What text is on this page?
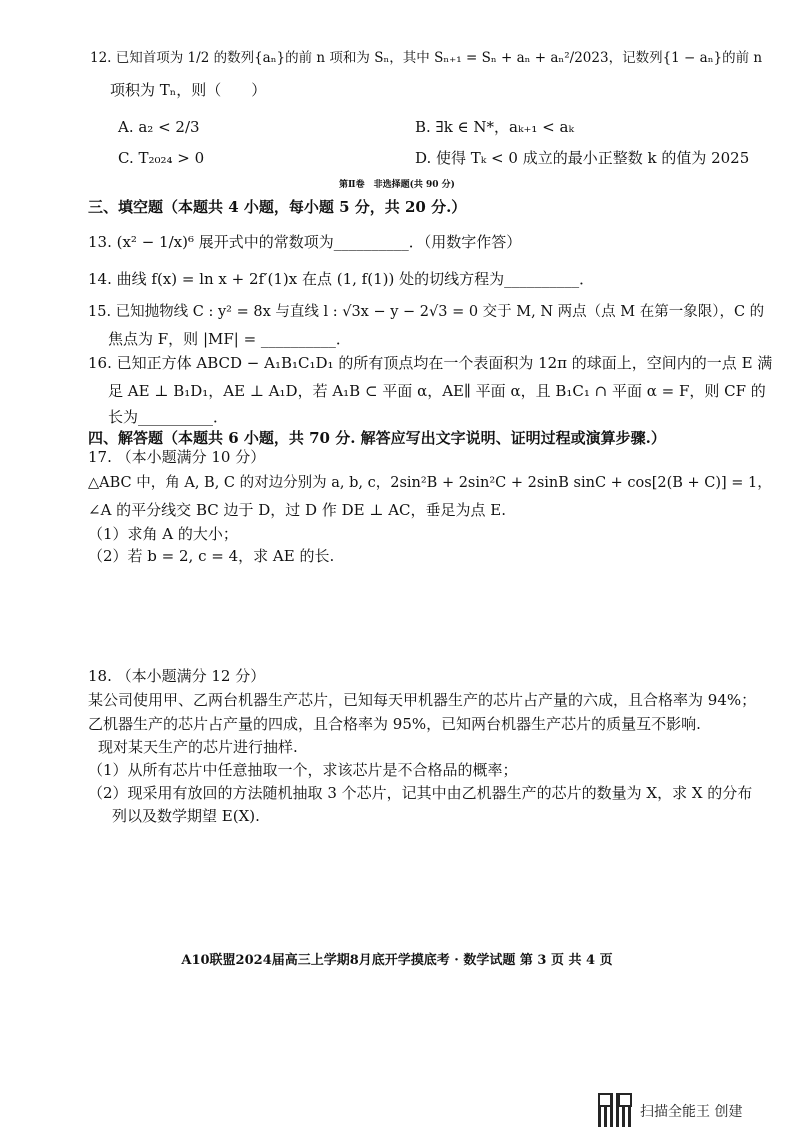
12. 已知首项为 1/2 的数列{aₙ}的前 n 项和为 Sₙ，其中 Sₙ₊₁ = Sₙ + aₙ + aₙ²/2023，记数列{1 − aₙ}的前 n
项积为 Tₙ，则（　　）
A. a₂ < 2/3	B. ∃k ∈ N*，aₖ₊₁ < aₖ
C. T₂₀₂₄ > 0	D. 使得 Tₖ < 0 成立的最小正整数 k 的值为 2025
第Ⅱ卷　非选择题(共 90 分)
三、填空题（本题共 4 小题，每小题 5 分，共 20 分.）
13. (x² − 1/x)⁶ 展开式中的常数项为__________．（用数字作答）
14. 曲线 f(x) = ln x + 2f′(1)x 在点 (1, f(1)) 处的切线方程为__________．
15. 已知抛物线 C : y² = 8x 与直线 l : √3x − y − 2√3 = 0 交于 M, N 两点（点 M 在第一象限），C 的
焦点为 F，则 |MF| = __________．
16. 已知正方体 ABCD − A₁B₁C₁D₁ 的所有顶点均在一个表面积为 12π 的球面上，空间内的一点 E 满
足 AE ⊥ B₁D₁，AE ⊥ A₁D，若 A₁B ⊂ 平面 α，AE∥ 平面 α，且 B₁C₁ ∩ 平面 α = F，则 CF 的
长为__________．
四、解答题（本题共 6 小题，共 70 分. 解答应写出文字说明、证明过程或演算步骤.）
17. （本小题满分 10 分）
△ABC 中，角 A, B, C 的对边分别为 a, b, c，2sin²B + 2sin²C + 2sinB sinC + cos[2(B + C)] = 1，
∠A 的平分线交 BC 边于 D，过 D 作 DE ⊥ AC，垂足为点 E.
（1）求角 A 的大小；
（2）若 b = 2, c = 4，求 AE 的长.
18. （本小题满分 12 分）
某公司使用甲、乙两台机器生产芯片，已知每天甲机器生产的芯片占产量的六成，且合格率为 94%；
乙机器生产的芯片占产量的四成，且合格率为 95%，已知两台机器生产芯片的质量互不影响.
现对某天生产的芯片进行抽样.
（1）从所有芯片中任意抽取一个，求该芯片是不合格品的概率；
（2）现采用有放回的方法随机抽取 3 个芯片，记其中由乙机器生产的芯片的数量为 X，求 X 的分布
列以及数学期望 E(X).
A10联盟2024届高三上学期8月底开学摸底考 · 数学试题 第 3 页 共 4 页
扫描全能王 创建
